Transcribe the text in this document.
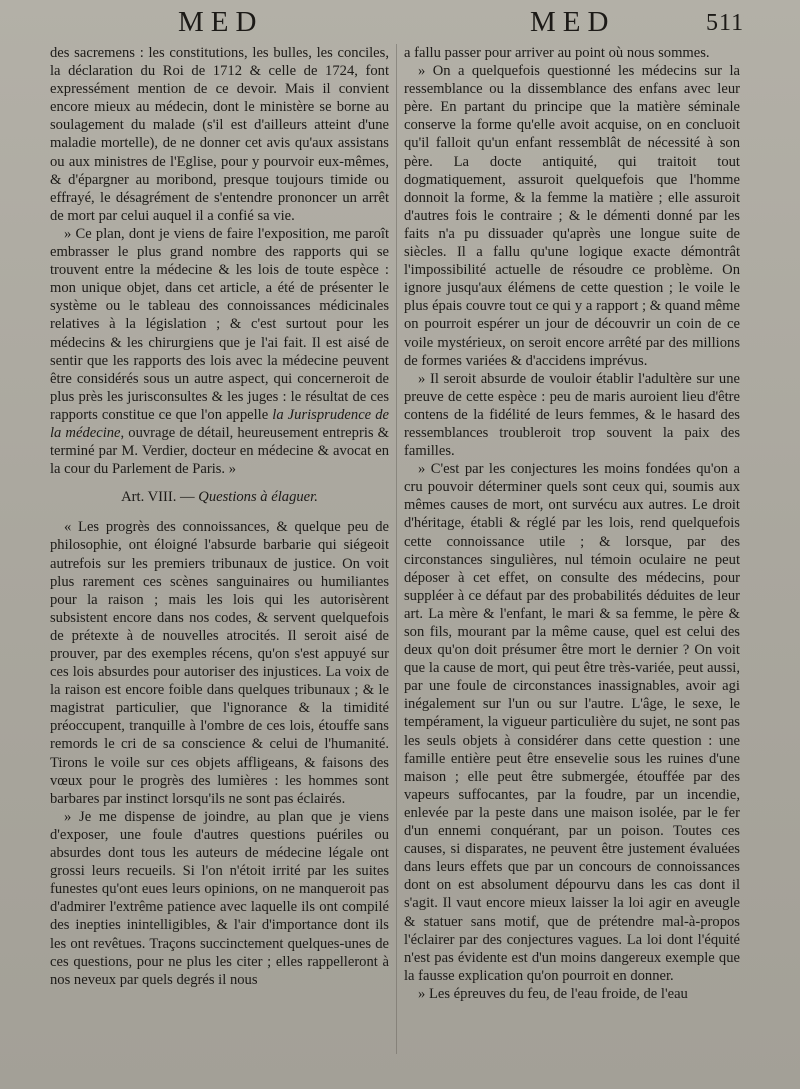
MED	MED	511

des sacremens : les constitutions, les bulles, les conciles, la déclaration du Roi de 1712 & celle de 1724, font expressément mention de ce devoir. Mais il convient encore mieux au médecin, dont le ministère se borne au soulagement du malade (s'il est d'ailleurs atteint d'une maladie mortelle), de ne donner cet avis qu'aux assistans ou aux ministres de l'Eglise, pour y pourvoir eux-mêmes, & d'épargner au moribond, presque toujours timide ou effrayé, le désagrément de s'entendre prononcer un arrêt de mort par celui auquel il a confié sa vie.

» Ce plan, dont je viens de faire l'exposition, me paroît embrasser le plus grand nombre des rapports qui se trouvent entre la médecine & les lois de toute espèce : mon unique objet, dans cet article, a été de présenter le système ou le tableau des connoissances médicinales relatives à la législation ; & c'est surtout pour les médecins & les chirurgiens que je l'ai fait. Il est aisé de sentir que les rapports des lois avec la médecine peuvent être considérés sous un autre aspect, qui concerneroit de plus près les jurisconsultes & les juges : le résultat de ces rapports constitue ce que l'on appelle la Jurisprudence de la médecine, ouvrage de détail, heureusement entrepris & terminé par M. Verdier, docteur en médecine & avocat en la cour du Parlement de Paris. »

Art. VIII. — Questions à élaguer.

« Les progrès des connoissances, & quelque peu de philosophie, ont éloigné l'absurde barbarie qui siégeoit autrefois sur les premiers tribunaux de justice. On voit plus rarement ces scènes sanguinaires ou humiliantes pour la raison ; mais les lois qui les autorisèrent subsistent encore dans nos codes, & servent quelquefois de prétexte à de nouvelles atrocités. Il seroit aisé de prouver, par des exemples récens, qu'on s'est appuyé sur ces lois absurdes pour autoriser des injustices. La voix de la raison est encore foible dans quelques tribunaux ; & le magistrat particulier, que l'ignorance & la timidité préoccupent, tranquille à l'ombre de ces lois, étouffe sans remords le cri de sa conscience & celui de l'humanité. Tirons le voile sur ces objets affligeans, & faisons des vœux pour le progrès des lumières : les hommes sont barbares par instinct lorsqu'ils ne sont pas éclairés.

» Je me dispense de joindre, au plan que je viens d'exposer, une foule d'autres questions puériles ou absurdes dont tous les auteurs de médecine légale ont grossi leurs recueils. Si l'on n'étoit irrité par les suites funestes qu'ont eues leurs opinions, on ne manqueroit pas d'admirer l'extrême patience avec laquelle ils ont compilé des inepties inintelligibles, & l'air d'importance dont ils les ont revêtues. Traçons succinctement quelques-unes de ces questions, pour ne plus les citer ; elles rappelleront à nos neveux par quels degrés il nous

a fallu passer pour arriver au point où nous sommes.

» On a quelquefois questionné les médecins sur la ressemblance ou la dissemblance des enfans avec leur père. En partant du principe que la matière séminale conserve la forme qu'elle avoit acquise, on en concluoit qu'il falloit qu'un enfant ressemblât de nécessité à son père. La docte antiquité, qui traitoit tout dogmatiquement, assuroit quelquefois que l'homme donnoit la forme, & la femme la matière ; elle assuroit d'autres fois le contraire ; & le démenti donné par les faits n'a pu dissuader qu'après une longue suite de siècles. Il a fallu qu'une logique exacte démontrât l'impossibilité actuelle de résoudre ce problème. On ignore jusqu'aux élémens de cette question ; le voile le plus épais couvre tout ce qui y a rapport ; & quand même on pourroit espérer un jour de découvrir un coin de ce voile mystérieux, on seroit encore arrêté par des millions de formes variées & d'accidens imprévus.

» Il seroit absurde de vouloir établir l'adultère sur une preuve de cette espèce : peu de maris auroient lieu d'être contens de la fidélité de leurs femmes, & le hasard des ressemblances troubleroit trop souvent la paix des familles.

» C'est par les conjectures les moins fondées qu'on a cru pouvoir déterminer quels sont ceux qui, soumis aux mêmes causes de mort, ont survécu aux autres. Le droit d'héritage, établi & réglé par les lois, rend quelquefois cette connoissance utile ; & lorsque, par des circonstances singulières, nul témoin oculaire ne peut déposer à cet effet, on consulte des médecins, pour suppléer à ce défaut par des probabilités déduites de leur art. La mère & l'enfant, le mari & sa femme, le père & son fils, mourant par la même cause, quel est celui des deux qu'on doit présumer être mort le dernier ? On voit que la cause de mort, qui peut être très-variée, peut aussi, par une foule de circonstances inassignables, avoir agi inégalement sur l'un ou sur l'autre. L'âge, le sexe, le tempérament, la vigueur particulière du sujet, ne sont pas les seuls objets à considérer dans cette question : une famille entière peut être ensevelie sous les ruines d'une maison ; elle peut être submergée, étouffée par des vapeurs suffocantes, par la foudre, par un incendie, enlevée par la peste dans une maison isolée, par le fer d'un ennemi conquérant, par un poison. Toutes ces causes, si disparates, ne peuvent être justement évaluées dans leurs effets que par un concours de connoissances dont on est absolument dépourvu dans les cas dont il s'agit. Il vaut encore mieux laisser la loi agir en aveugle & statuer sans motif, que de prétendre mal-à-propos l'éclairer par des conjectures vagues. La loi dont l'équité n'est pas évidente est d'un moins dangereux exemple que la fausse explication qu'on pourroit en donner.

» Les épreuves du feu, de l'eau froide, de l'eau
